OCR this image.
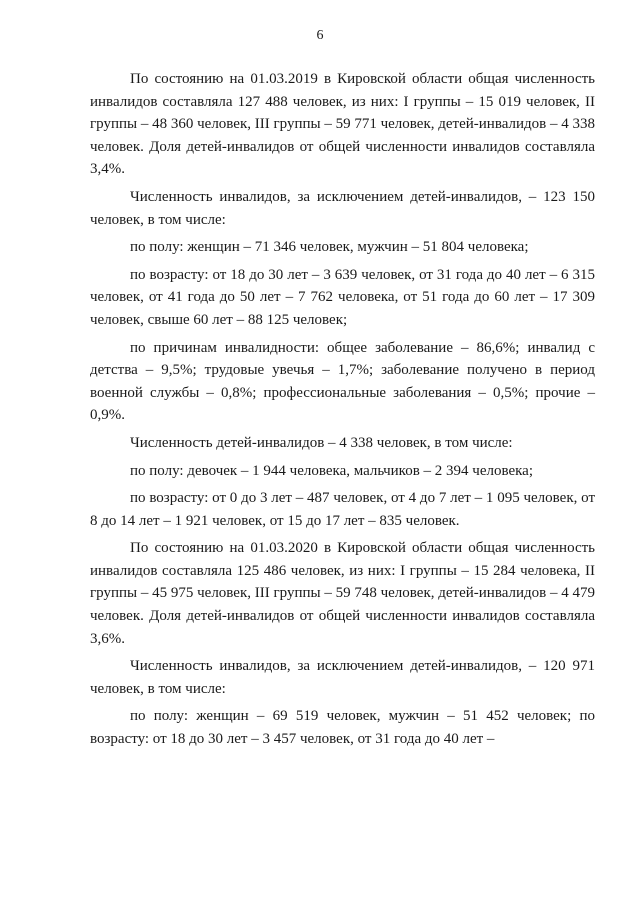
6

По состоянию на 01.03.2019 в Кировской области общая численность инвалидов составляла 127 488 человек, из них: I группы – 15 019 человек, II группы – 48 360 человек, III группы – 59 771 человек, детей-инвалидов – 4 338 человек. Доля детей-инвалидов от общей численности инвалидов составляла 3,4%.

Численность инвалидов, за исключением детей-инвалидов, – 123 150 человек, в том числе:

по полу: женщин – 71 346 человек, мужчин – 51 804 человека;

по возрасту: от 18 до 30 лет – 3 639 человек, от 31 года до 40 лет – 6 315 человек, от 41 года до 50 лет – 7 762 человека, от 51 года до 60 лет – 17 309 человек, свыше 60 лет – 88 125 человек;

по причинам инвалидности: общее заболевание – 86,6%; инвалид с детства – 9,5%; трудовые увечья – 1,7%; заболевание получено в период военной службы – 0,8%; профессиональные заболевания – 0,5%; прочие – 0,9%.

Численность детей-инвалидов – 4 338 человек, в том числе:

по полу: девочек – 1 944 человека, мальчиков – 2 394 человека;

по возрасту: от 0 до 3 лет – 487 человек, от 4 до 7 лет – 1 095 человек, от 8 до 14 лет – 1 921 человек, от 15 до 17 лет – 835 человек.

По состоянию на 01.03.2020 в Кировской области общая численность инвалидов составляла 125 486 человек, из них: I группы – 15 284 человека, II группы – 45 975 человек, III группы – 59 748 человек, детей-инвалидов – 4 479 человек. Доля детей-инвалидов от общей численности инвалидов составляла 3,6%.

Численность инвалидов, за исключением детей-инвалидов, – 120 971 человек, в том числе:

по полу: женщин – 69 519 человек, мужчин – 51 452 человек; по возрасту: от 18 до 30 лет – 3 457 человек, от 31 года до 40 лет –
